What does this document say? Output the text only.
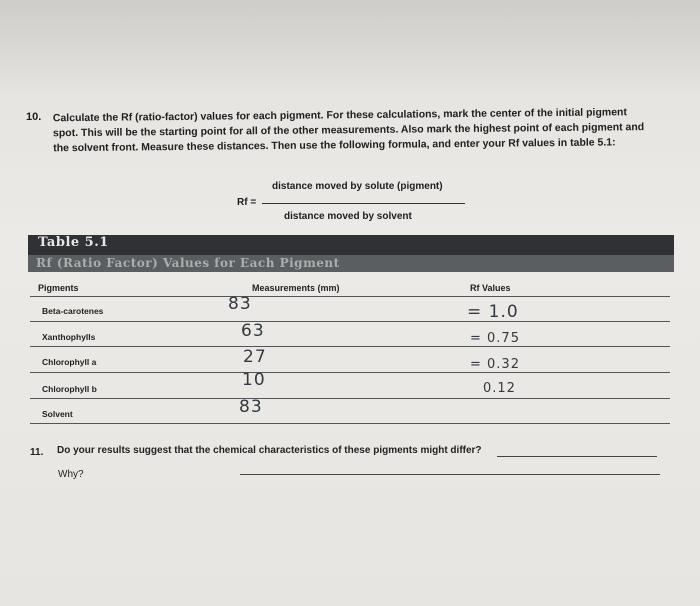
10. Calculate the Rf (ratio-factor) values for each pigment. For these calculations, mark the center of the initial pigment
spot. This will be the starting point for all of the other measurements. Also mark the highest point of each pigment and
the solvent front. Measure these distances. Then use the following formula, and enter your Rf values in table 5.1:
distance moved by solute (pigment)
Rf =
distance moved by solvent
Table 5.1
Rf (Ratio Factor) Values for Each Pigment
Pigments	Measurements (mm)	Rf Values
Beta-carotenes
Xanthophylls
Chlorophyll a
Chlorophyll b
Solvent
83
63
27
10
83
= 1.0
= 0.75
= 0.32
0.12
11. Do your results suggest that the chemical characteristics of these pigments might differ?
Why?
